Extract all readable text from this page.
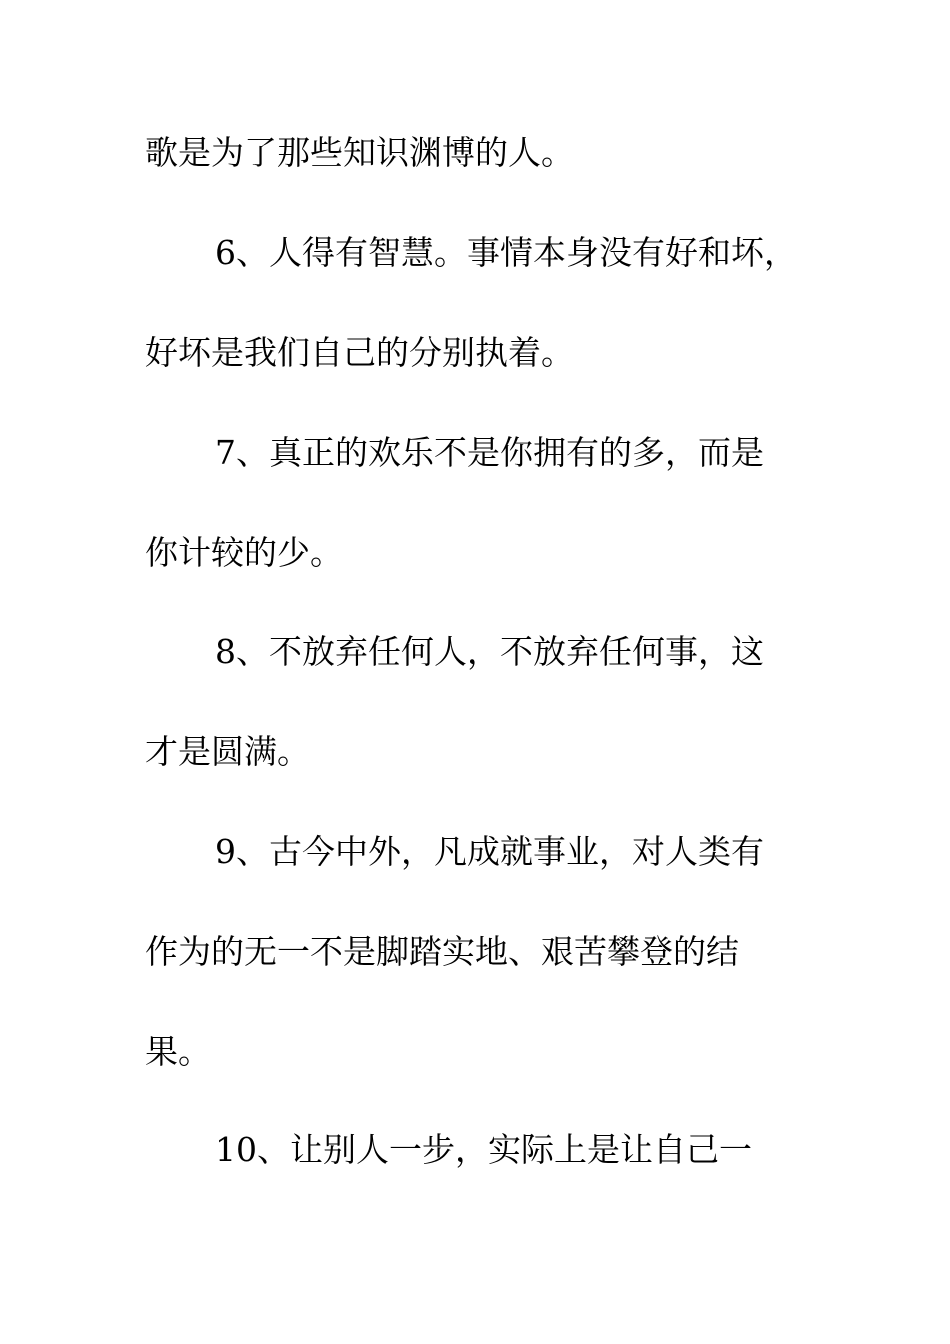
歌是为了那些知识渊博的人。
6、人得有智慧。事情本身没有好和坏，
好坏是我们自己的分别执着。
7、真正的欢乐不是你拥有的多，而是
你计较的少。
8、不放弃任何人，不放弃任何事，这
才是圆满。
9、古今中外，凡成就事业，对人类有
作为的无一不是脚踏实地、艰苦攀登的结
果。
10、让别人一步，实际上是让自己一
